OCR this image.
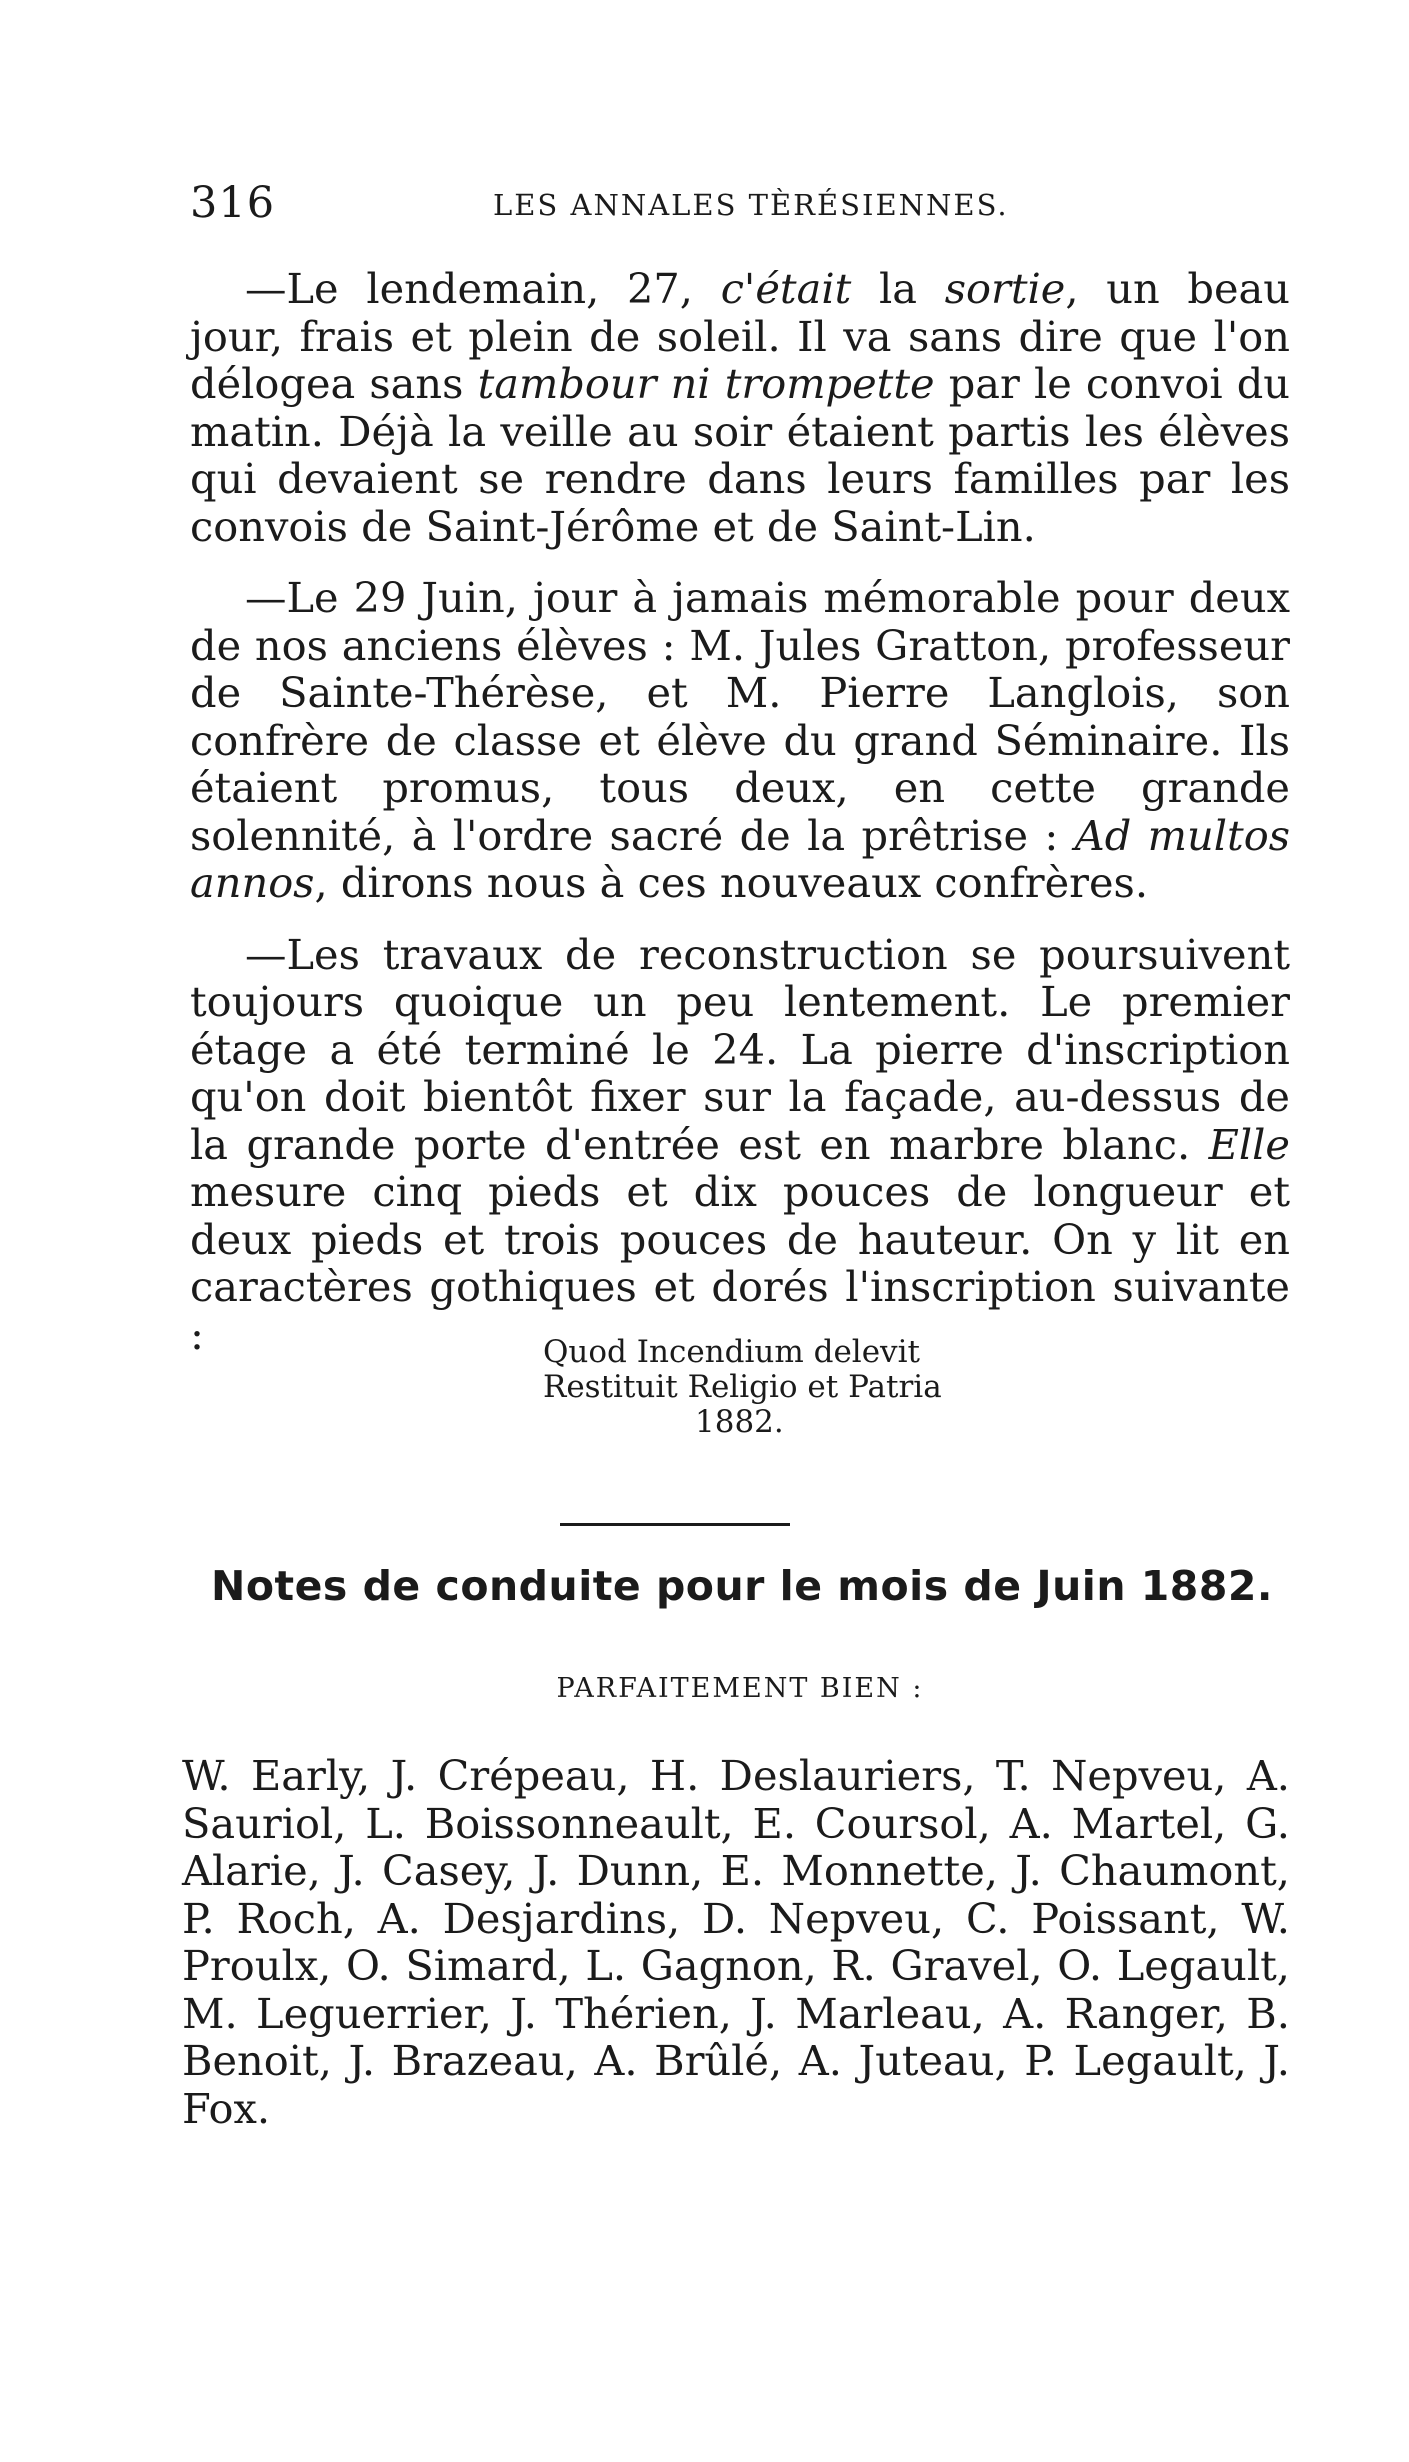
316	LES ANNALES TÈRÉSIENNES.

—Le lendemain, 27, c'était la sortie, un beau jour, frais et plein de soleil. Il va sans dire que l'on délogea sans tambour ni trompette par le convoi du matin. Déjà la veille au soir étaient partis les élèves qui devaient se rendre dans leurs familles par les convois de Saint-Jérôme et de Saint-Lin.

—Le 29 Juin, jour à jamais mémorable pour deux de nos anciens élèves : M. Jules Gratton, professeur de Sainte-Thérèse, et M. Pierre Langlois, son confrère de classe et élève du grand Séminaire. Ils étaient promus, tous deux, en cette grande solennité, à l'ordre sacré de la prêtrise : Ad multos annos, dirons nous à ces nouveaux confrères.

—Les travaux de reconstruction se poursuivent toujours quoique un peu lentement. Le premier étage a été terminé le 24. La pierre d'inscription qu'on doit bientôt fixer sur la façade, au-dessus de la grande porte d'entrée est en marbre blanc. Elle mesure cinq pieds et dix pouces de longueur et deux pieds et trois pouces de hauteur. On y lit en caractères gothiques et dorés l'inscription suivante :	Quod Incendium delevit
Restituit Religio et Patria
1882.
Notes de conduite pour le mois de Juin 1882.
PARFAITEMENT BIEN :
W. Early, J. Crépeau, H. Deslauriers, T. Nepveu, A. Sauriol, L. Boissonneault, E. Coursol, A. Martel, G. Alarie, J. Casey, J. Dunn, E. Monnette, J. Chaumont, P. Roch, A. Desjardins, D. Nepveu, C. Poissant, W. Proulx, O. Simard, L. Gagnon, R. Gravel, O. Legault, M. Leguerrier, J. Thérien, J. Marleau, A. Ranger, B. Benoit, J. Brazeau, A. Brûlé, A. Juteau, P. Legault, J. Fox.
